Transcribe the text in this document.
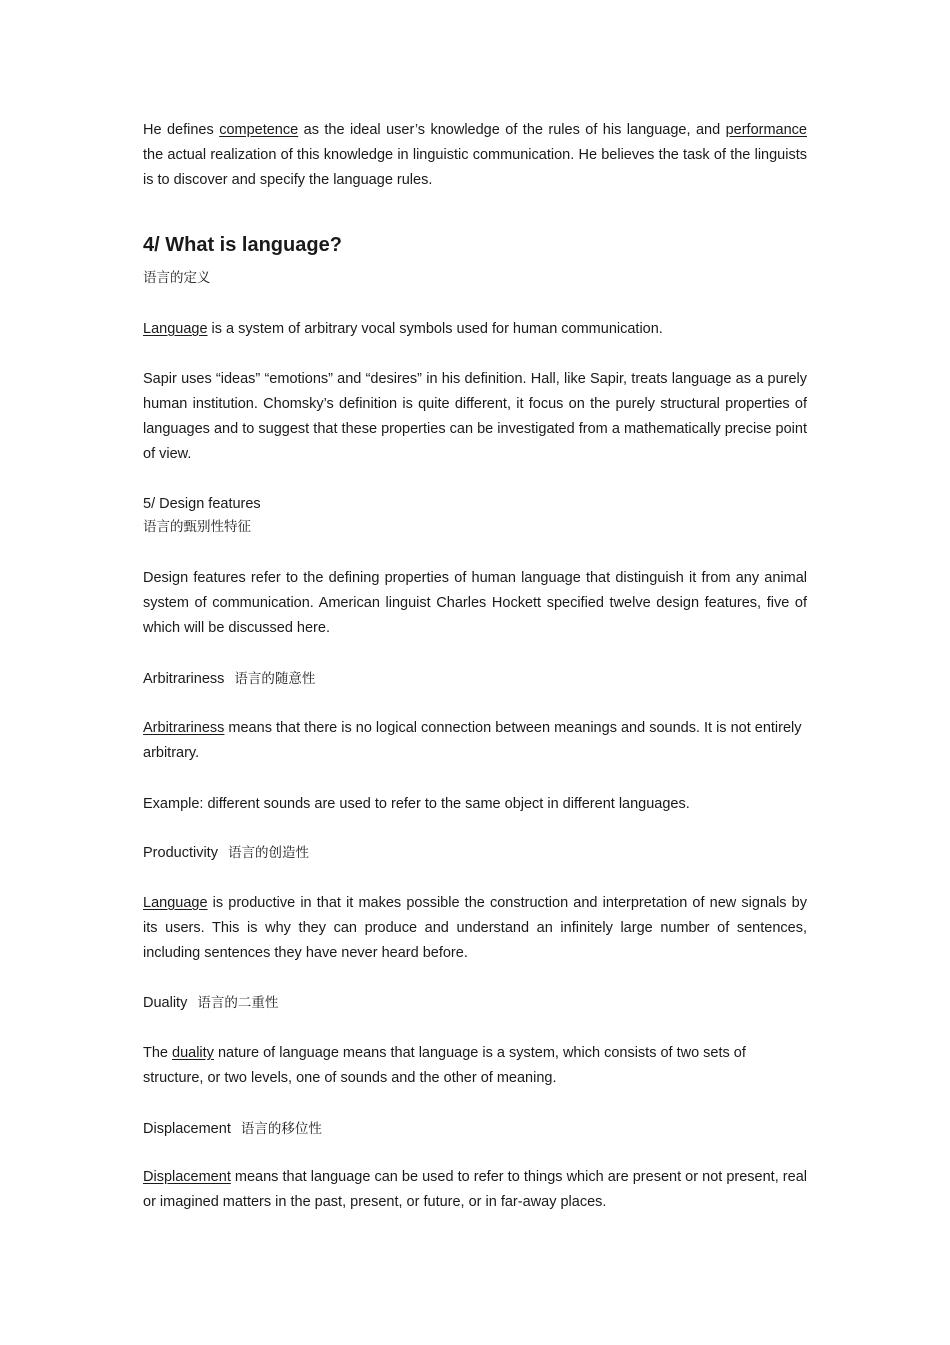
He defines competence as the ideal user’s knowledge of the rules of his language, and performance the actual realization of this knowledge in linguistic communication. He believes the task of the linguists is to discover and specify the language rules.

4/ What is language?
语言的定义

Language is a system of arbitrary vocal symbols used for human communication.

Sapir uses “ideas” “emotions” and “desires” in his definition. Hall, like Sapir, treats language as a purely human institution. Chomsky’s definition is quite different, it focus on the purely structural properties of languages and to suggest that these properties can be investigated from a mathematically precise point of view.

5/ Design features
语言的甄别性特征

Design features refer to the defining properties of human language that distinguish it from any animal system of communication. American linguist Charles Hockett specified twelve design features, five of which will be discussed here.

Arbitrariness 语言的随意性

Arbitrariness means that there is no logical connection between meanings and sounds. It is not entirely arbitrary.

Example: different sounds are used to refer to the same object in different languages.

Productivity 语言的创造性

Language is productive in that it makes possible the construction and interpretation of new signals by its users. This is why they can produce and understand an infinitely large number of sentences, including sentences they have never heard before.

Duality 语言的二重性

The duality nature of language means that language is a system, which consists of two sets of structure, or two levels, one of sounds and the other of meaning.

Displacement 语言的移位性

Displacement means that language can be used to refer to things which are present or not present, real or imagined matters in the past, present, or future, or in far-away places.
